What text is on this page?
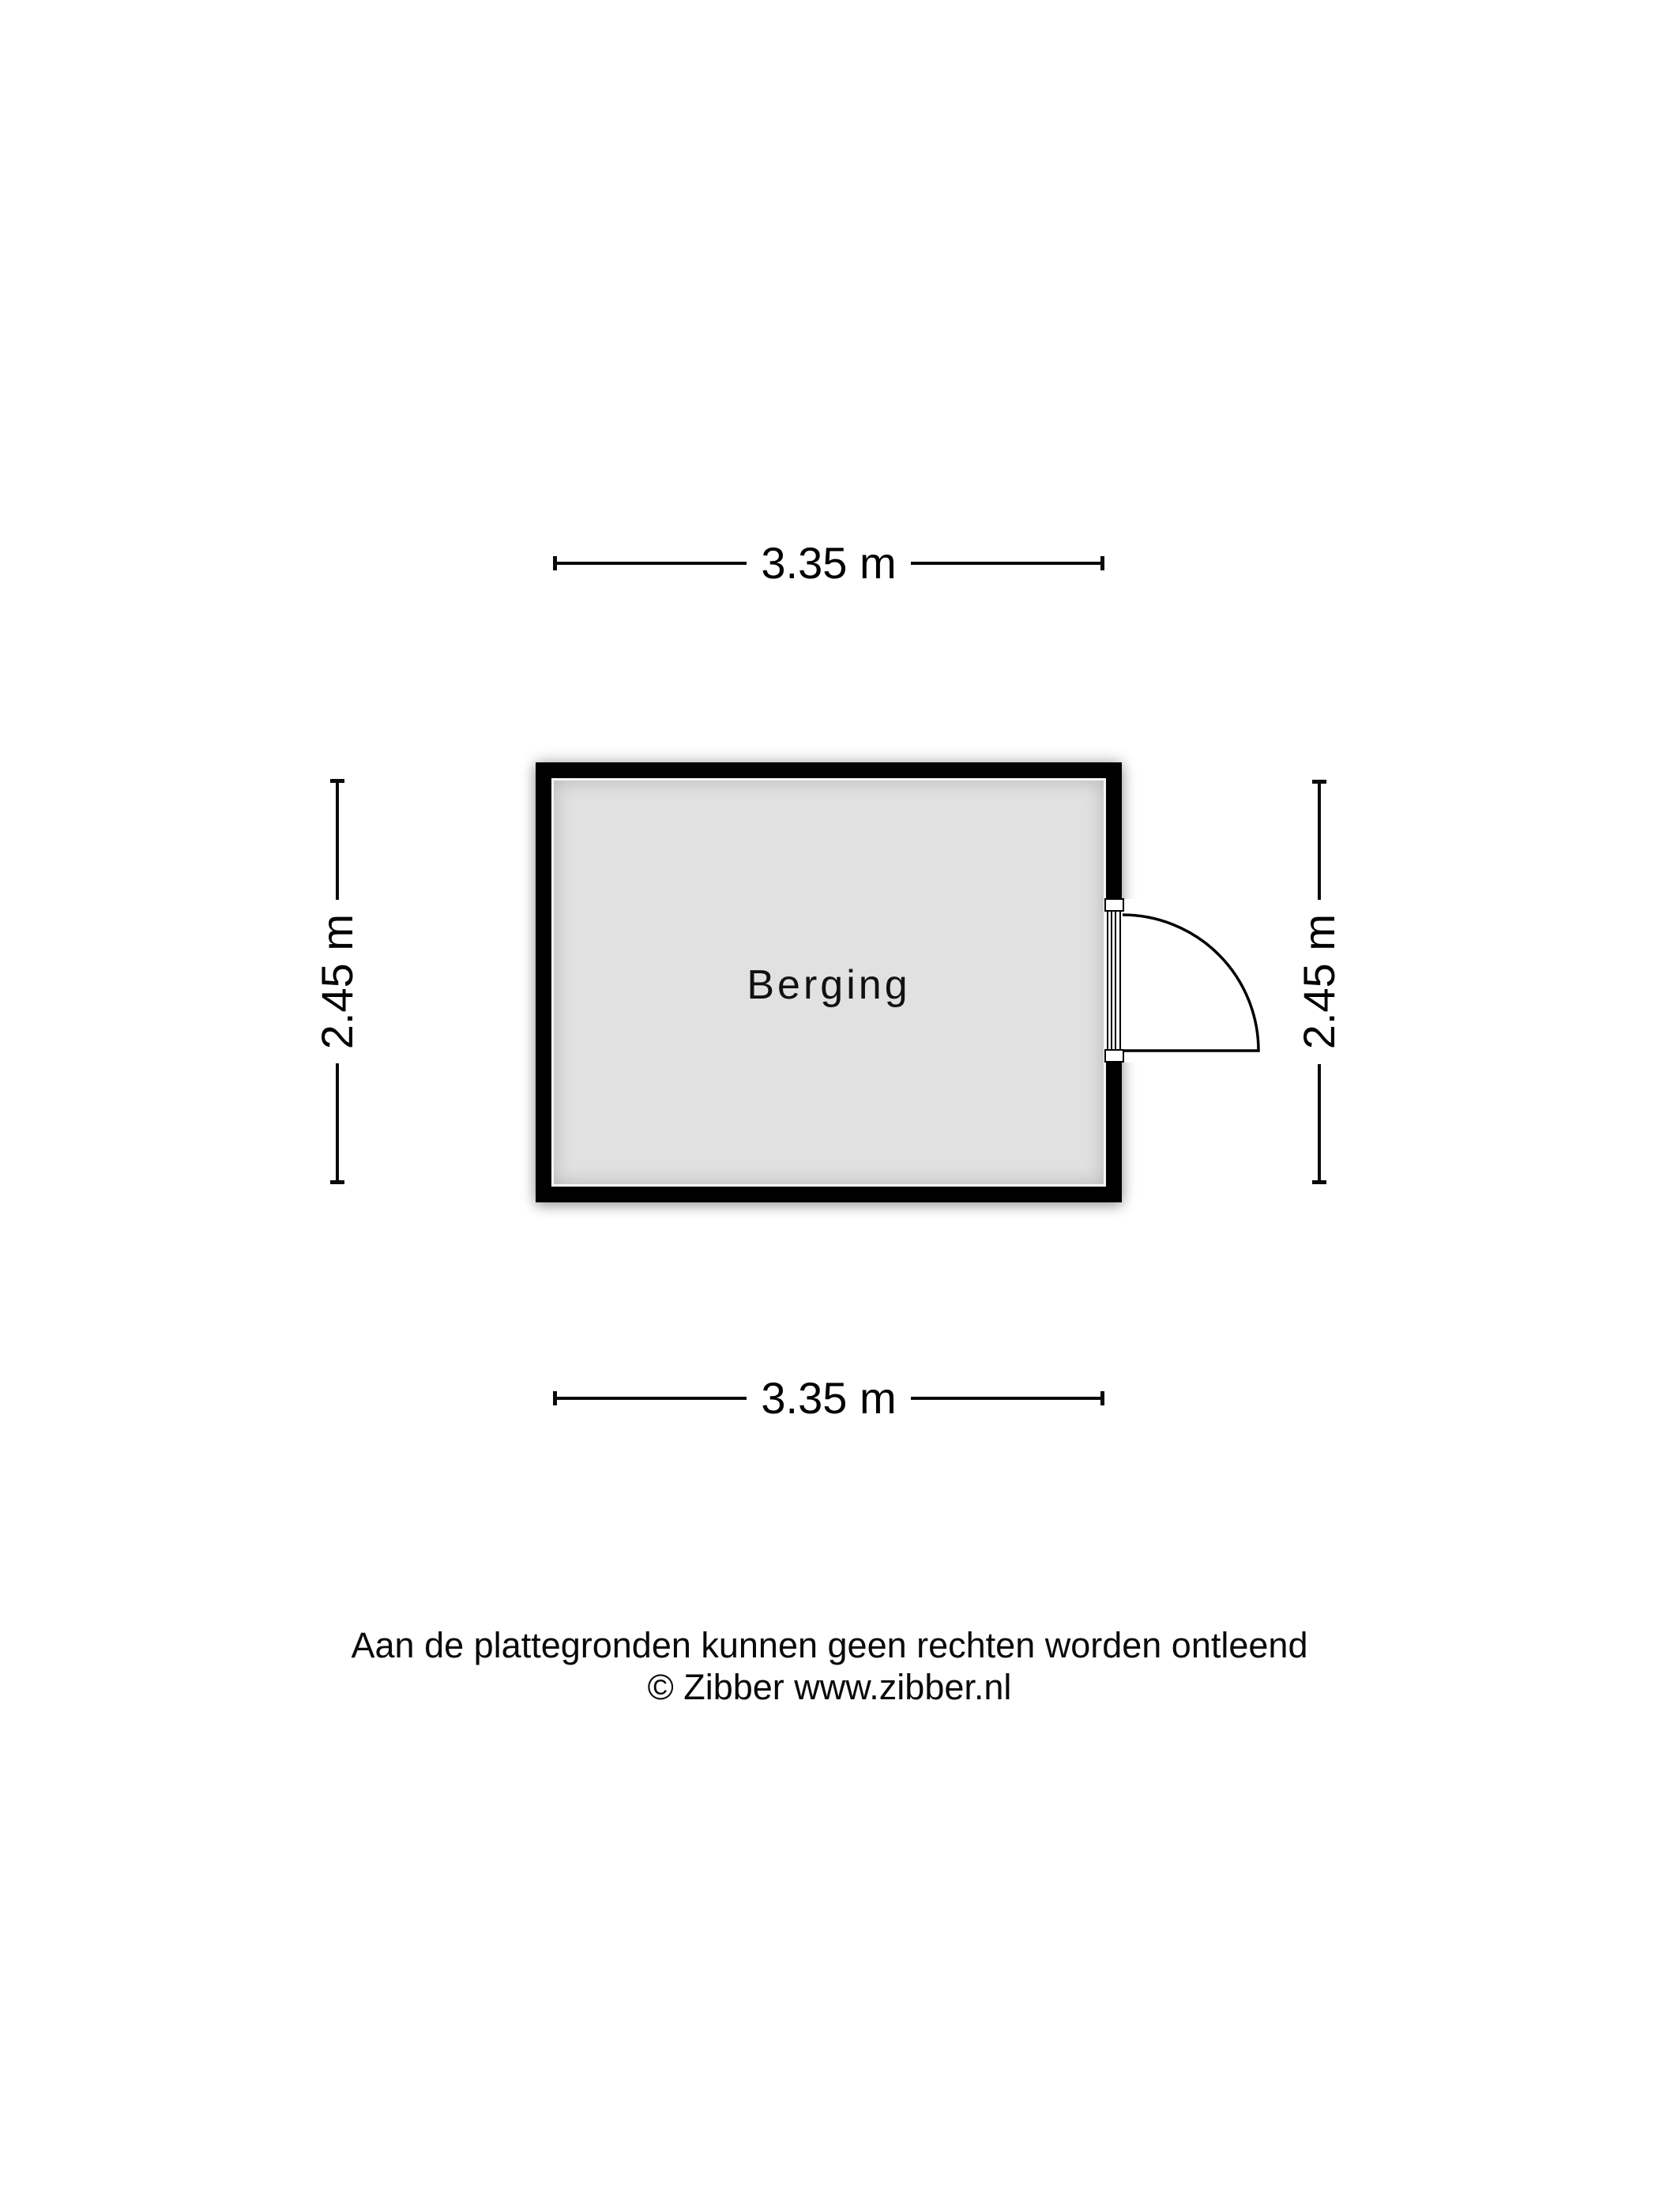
3.35 m
2.45 m	2.45 m
Berging
3.35 m
Aan de plattegronden kunnen geen rechten worden ontleend
© Zibber www.zibber.nl
